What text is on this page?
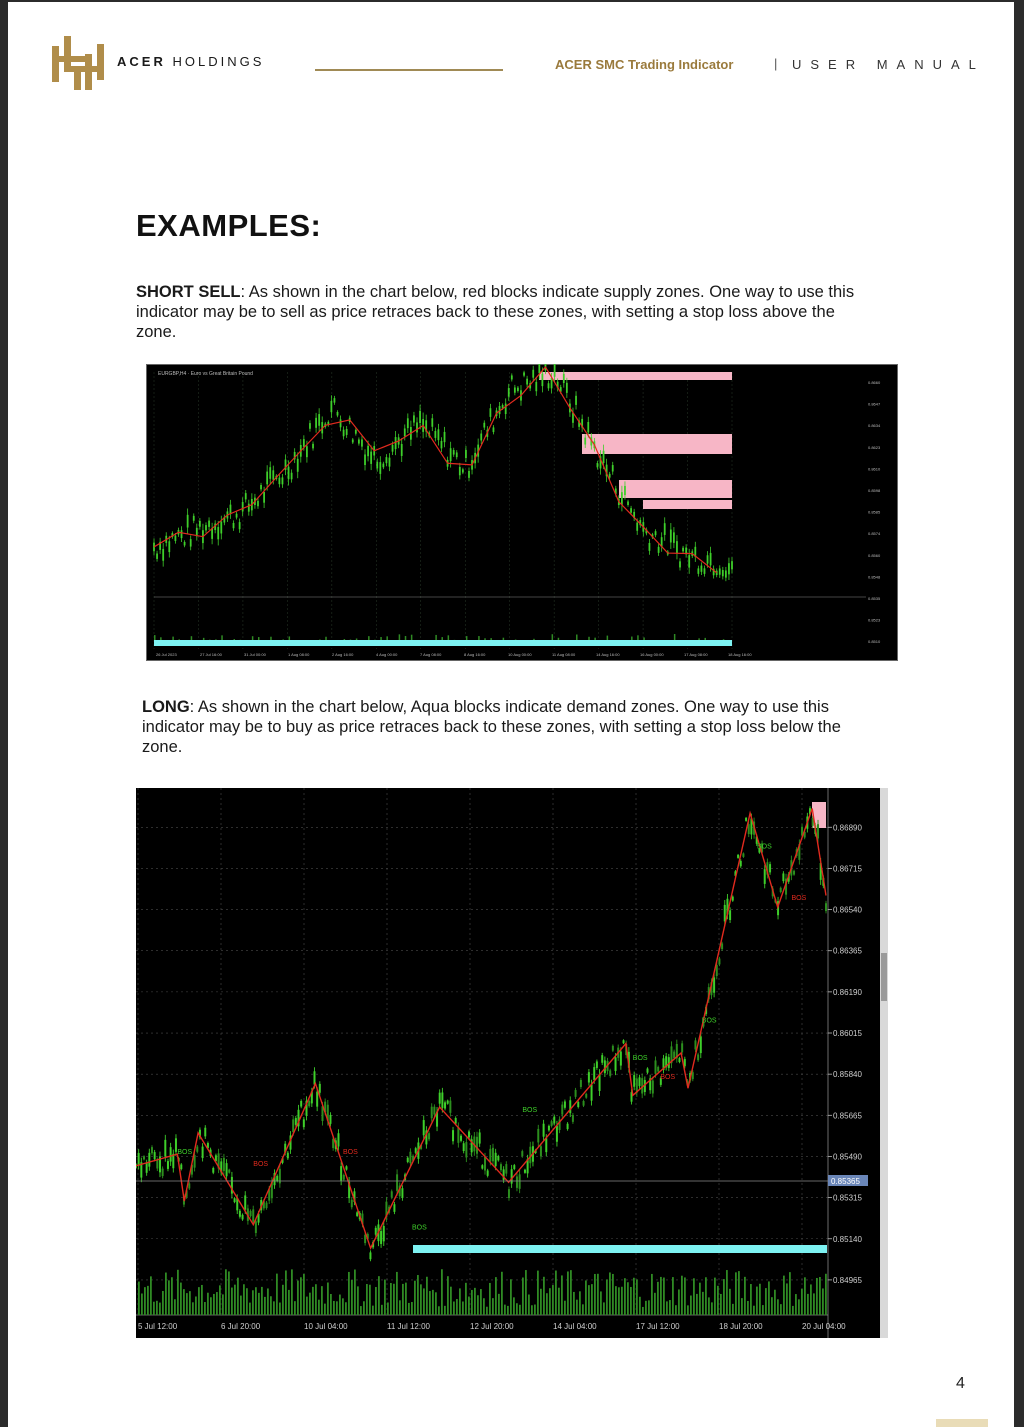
ACER HOLDINGS	ACER SMC Trading Indicator	| USER MANUAL
EXAMPLES:
SHORT SELL: As shown in the chart below, red blocks indicate supply zones. One way to use this indicator may be to sell as price retraces back to these zones, with setting a stop loss above the zone.
EURGBP,H4 · Euro vs Great Britain Pound
0.8660
0.8647
0.8634
0.8623
0.8610
0.8598
0.8585
0.8574
0.8560
0.8548
0.8535
0.8523
0.8510
26 Jul 2023	27 Jul 16:00	31 Jul 00:00	1 Aug 08:00	2 Aug 16:00	4 Aug 00:00	7 Aug 08:00	8 Aug 16:00	10 Aug 00:00	11 Aug 08:00	14 Aug 16:00	16 Aug 00:00	17 Aug 08:00	18 Aug 16:00
LONG: As shown in the chart below, Aqua blocks indicate demand zones. One way to use this indicator may be to buy as price retraces back to these zones, with setting a stop loss below the zone.
BOS
BOS
BOS
BOS
BOS
BOS
BOS
BOS
BOS
BOS
0.86890
0.86715
0.86540
0.86365
0.86190
0.86015
0.85840
0.85665
0.85490
0.85315
0.85140
0.84965
0.85365
5 Jul 12:00	6 Jul 20:00	10 Jul 04:00	11 Jul 12:00	12 Jul 20:00	14 Jul 04:00	17 Jul 12:00	18 Jul 20:00	20 Jul 04:00
4
